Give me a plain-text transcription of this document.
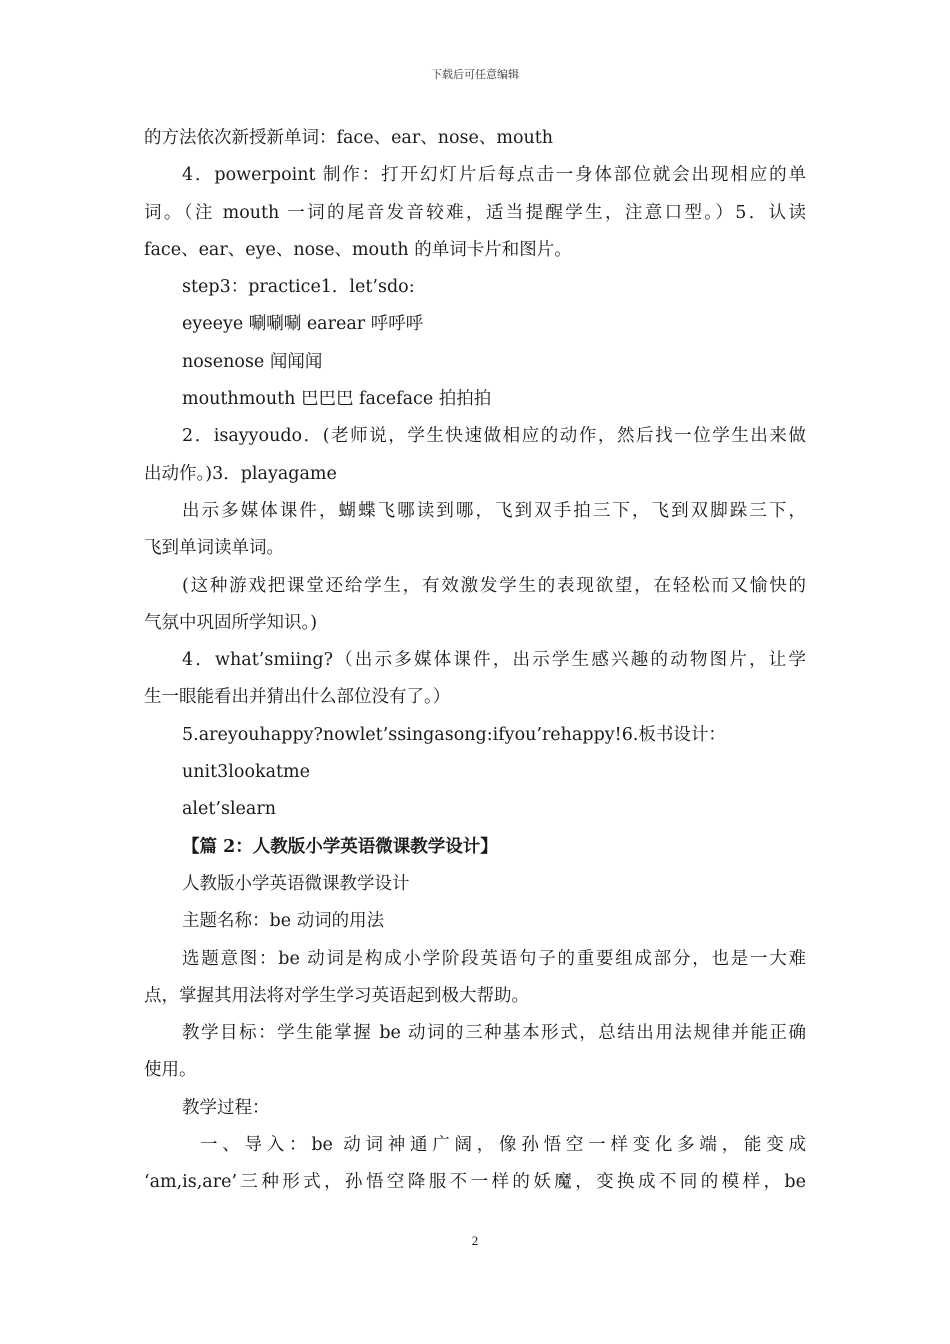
下载后可任意编辑
的方法依次新授新单词：face、ear、nose、mouth
4．powerpoint 制作：打开幻灯片后每点击一身体部位就会出现相应的单
词。（注 mouth 一词的尾音发音较难，适当提醒学生，注意口型。）5．认读
face、ear、eye、nose、mouth 的单词卡片和图片。
step3：practice1．let’sdo:
eyeeye 唰唰唰 earear 呼呼呼
nosenose 闻闻闻
mouthmouth 巴巴巴 faceface 拍拍拍
2．isayyoudo．(老师说，学生快速做相应的动作，然后找一位学生出来做
出动作。)3．playagame
出示多媒体课件，蝴蝶飞哪读到哪，飞到双手拍三下，飞到双脚跺三下，
飞到单词读单词。
(这种游戏把课堂还给学生，有效激发学生的表现欲望，在轻松而又愉快的
气氛中巩固所学知识。)
4．what’smiing?（出示多媒体课件，出示学生感兴趣的动物图片，让学
生一眼能看出并猜出什么部位没有了。）
5.areyouhappy?nowlet’ssingasong:ifyou’rehappy!6.板书设计：
unit3lookatme
alet’slearn
【篇 2：人教版小学英语微课教学设计】
人教版小学英语微课教学设计
主题名称：be 动词的用法
选题意图：be 动词是构成小学阶段英语句子的重要组成部分，也是一大难
点，掌握其用法将对学生学习英语起到极大帮助。
教学目标：学生能掌握 be 动词的三种基本形式，总结出用法规律并能正确
使用。
教学过程：
一、导入：be 动词神通广阔，像孙悟空一样变化多端，能变成
‘am,is,are’三种形式，孙悟空降服不一样的妖魔，变换成不同的模样，be
2
